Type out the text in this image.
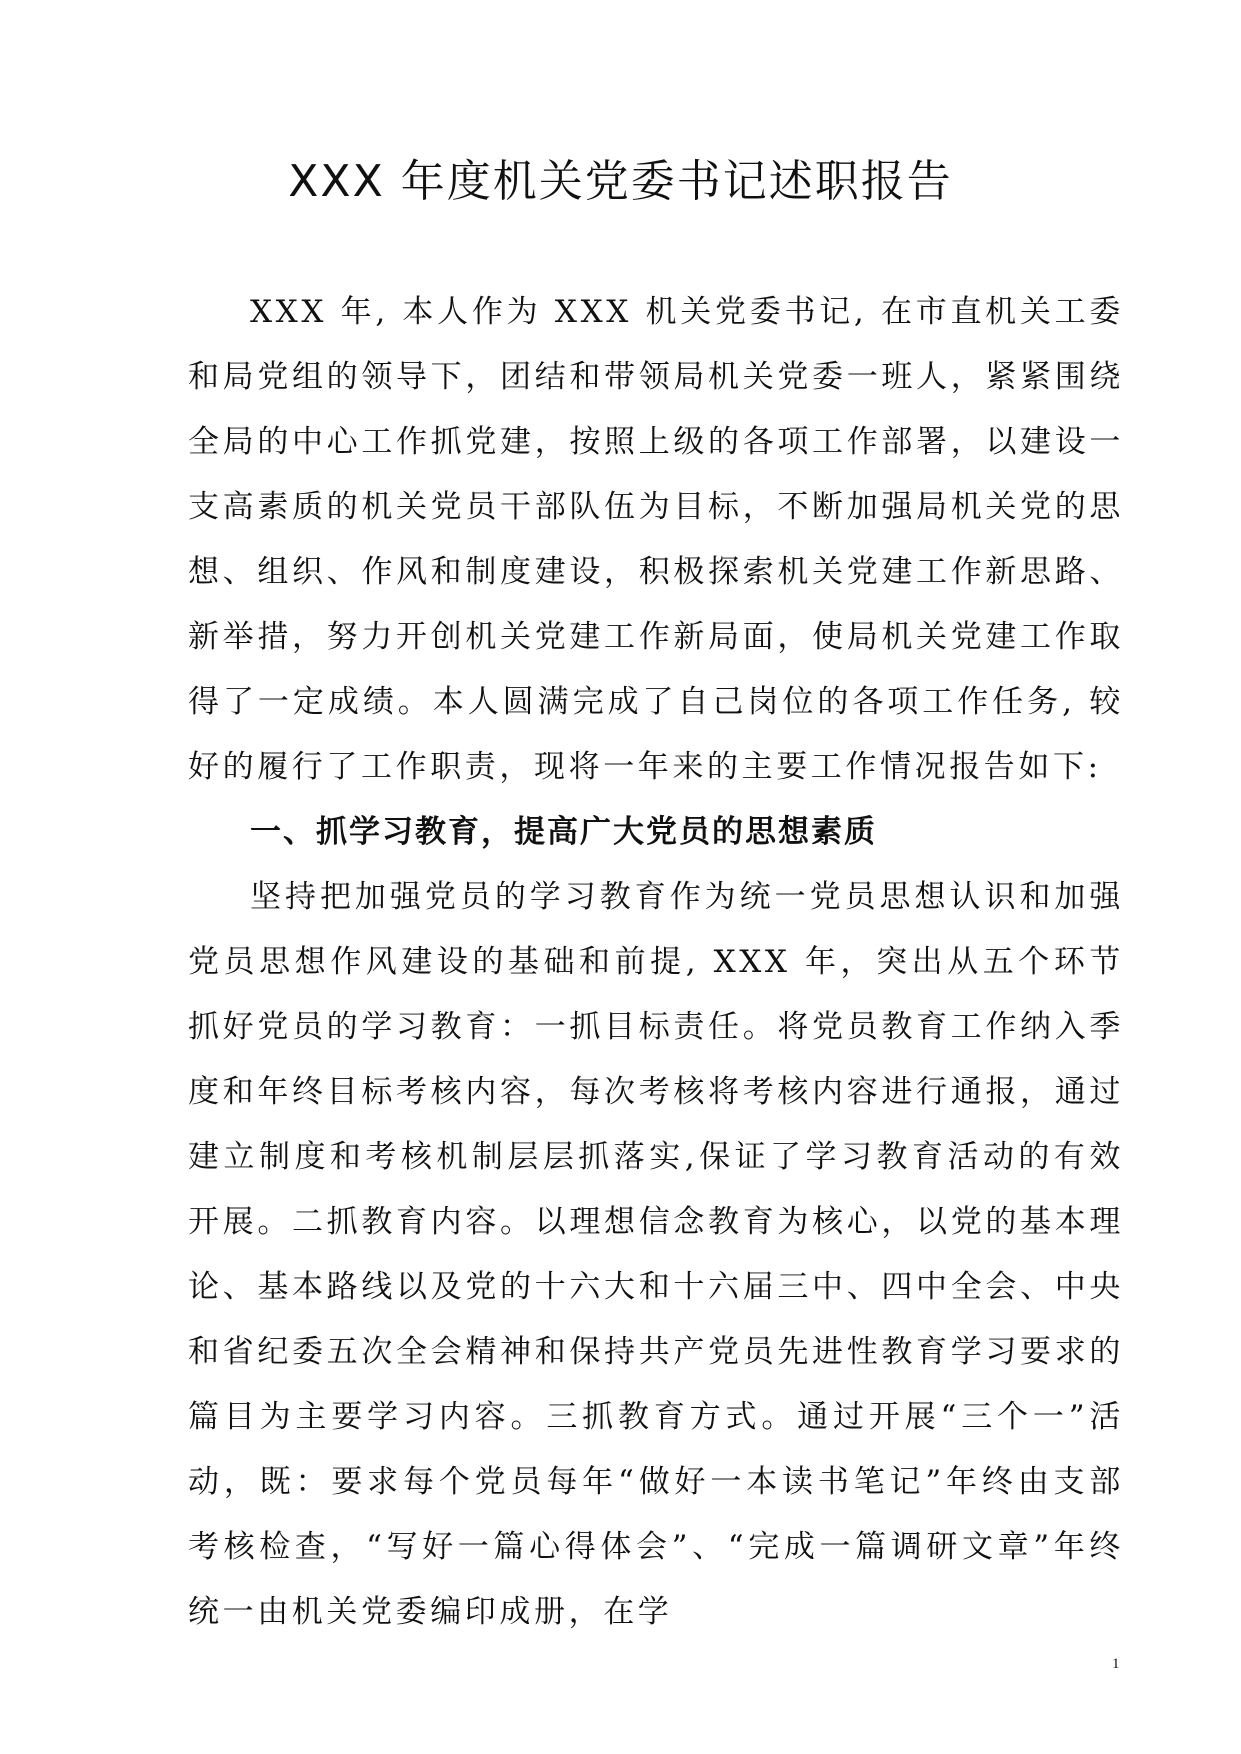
XXX 年度机关党委书记述职报告

XXX 年, 本人作为 XXX 机关党委书记, 在市直机关工委和局党组的领导下，团结和带领局机关党委一班人，紧紧围绕全局的中心工作抓党建，按照上级的各项工作部署，以建设一支高素质的机关党员干部队伍为目标，不断加强局机关党的思想、组织、作风和制度建设，积极探索机关党建工作新思路、新举措，努力开创机关党建工作新局面，使局机关党建工作取得了一定成绩。本人圆满完成了自己岗位的各项工作任务, 较好的履行了工作职责，现将一年来的主要工作情况报告如下:

一、抓学习教育，提高广大党员的思想素质

坚持把加强党员的学习教育作为统一党员思想认识和加强党员思想作风建设的基础和前提, XXX 年，突出从五个环节抓好党员的学习教育：一抓目标责任。将党员教育工作纳入季度和年终目标考核内容，每次考核将考核内容进行通报，通过建立制度和考核机制层层抓落实,保证了学习教育活动的有效开展。二抓教育内容。以理想信念教育为核心，以党的基本理论、基本路线以及党的十六大和十六届三中、四中全会、中央和省纪委五次全会精神和保持共产党员先进性教育学习要求的篇目为主要学习内容。三抓教育方式。通过开展“三个一”活动，既：要求每个党员每年“做好一本读书笔记”年终由支部考核检查，“写好一篇心得体会”、“完成一篇调研文章”年终统一由机关党委编印成册，在学

1
